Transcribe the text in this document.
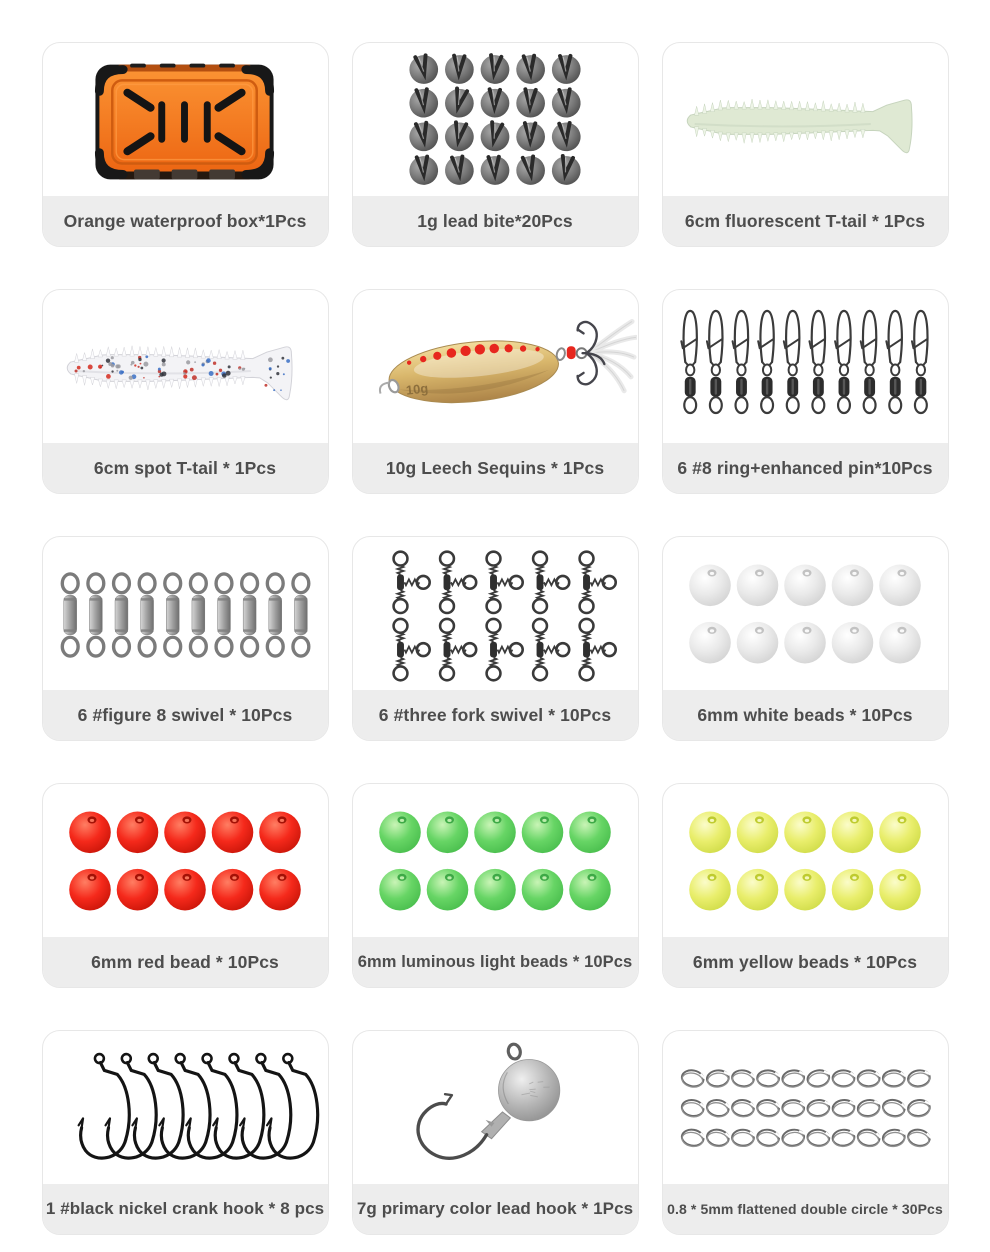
Orange waterproof box*1Pcs	1g lead bite*20Pcs	6cm fluorescent T-tail * 1Pcs
6cm spot T-tail * 1Pcs
10g
10g Leech Sequins * 1Pcs	6 #8 ring+enhanced pin*10Pcs
6 #figure 8 swivel * 10Pcs	6 #three fork swivel * 10Pcs	6mm white beads * 10Pcs
6mm red bead * 10Pcs	6mm luminous light beads * 10Pcs	6mm yellow beads * 10Pcs
1 #black nickel crank hook * 8 pcs 7g primary color lead hook * 1Pcs 0.8 * 5mm flattened double circle * 30Pcs
